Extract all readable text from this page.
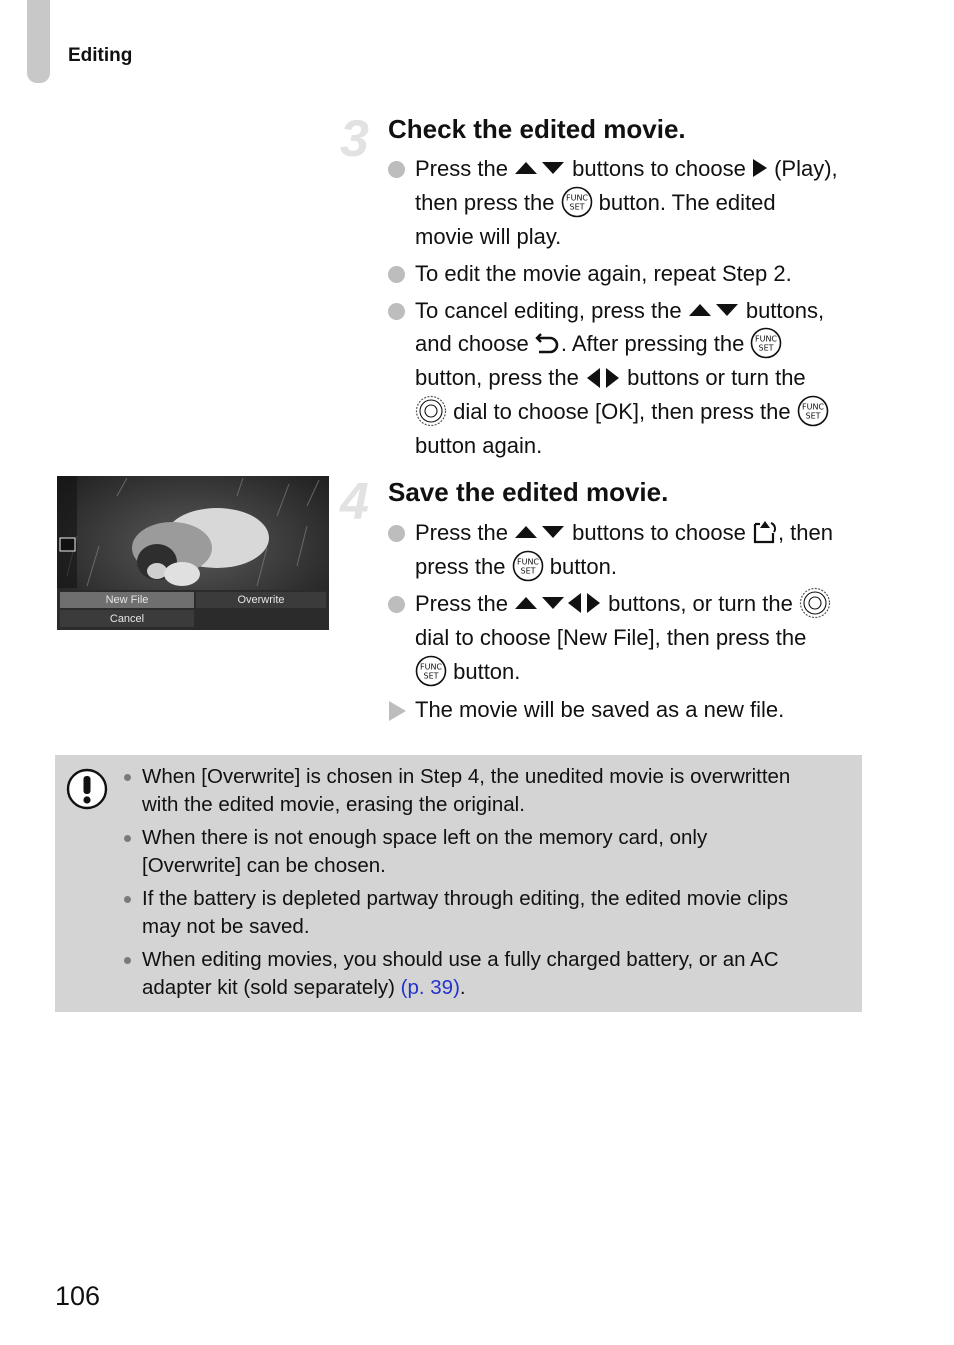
Editing
3 Check the edited movie.
Press the  buttons to choose  (Play),
then press the FUNC
SET button. The edited
movie will play.
To edit the movie again, repeat Step 2.
To cancel editing, press the  buttons,
and choose . After pressing the FUNC
SET

button, press the  buttons or turn the
dial to choose [OK], then press the FUNC
SET

button again.
New File	Overwrite
Cancel
4 Save the edited movie.
Press the  buttons to choose , then
press the FUNC
SET button.
Press the	buttons, or turn the
dial to choose [New File], then press the

FUNC
SET button.
The movie will be saved as a new file.
When [Overwrite] is chosen in Step 4, the unedited movie is overwritten
with the edited movie, erasing the original.
When there is not enough space left on the memory card, only
[Overwrite] can be chosen.
If the battery is depleted partway through editing, the edited movie clips
may not be saved.
When editing movies, you should use a fully charged battery, or an AC
adapter kit (sold separately) (p. 39).
106
